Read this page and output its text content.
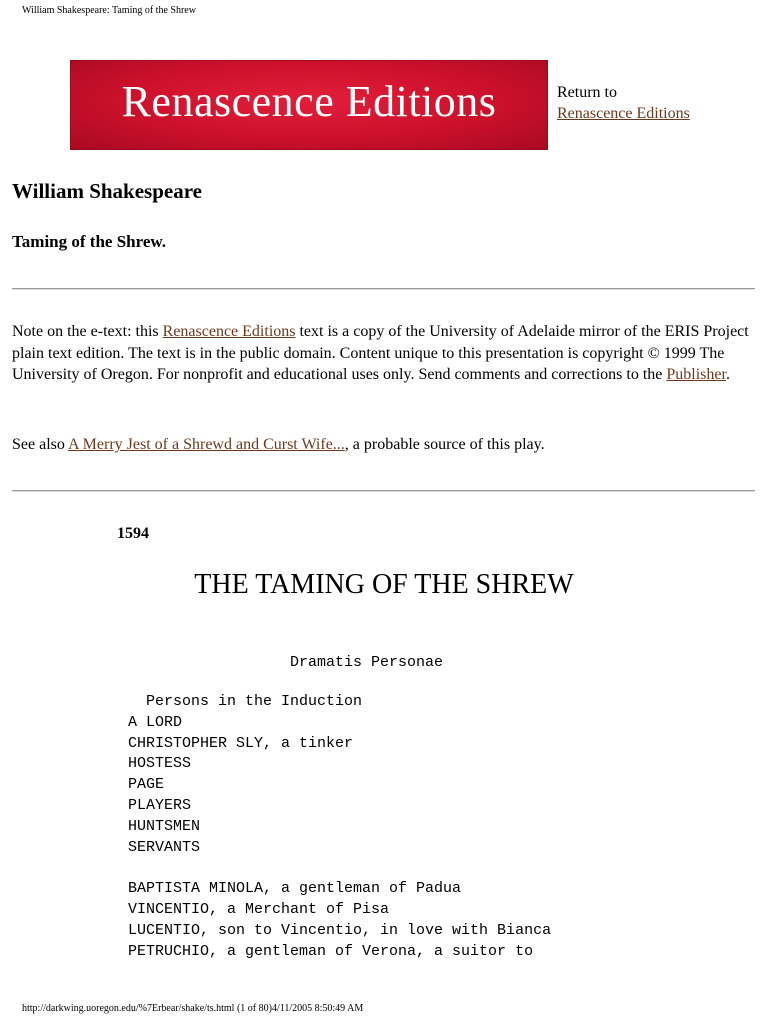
William Shakespeare: Taming of the Shrew
Renascence Editions	Return to
Renascence Editions
William Shakespeare
Taming of the Shrew.

Note on the e-text: this Renascence Editions text is a copy of the University of Adelaide mirror of the ERIS Project plain text edition. The text is in the public domain. Content unique to this presentation is copyright © 1999 The University of Oregon. For nonprofit and educational uses only. Send comments and corrections to the Publisher.

See also A Merry Jest of a Shrewd and Curst Wife..., a probable source of this play.

1594
THE TAMING OF THE SHREW
Dramatis Personae
Persons in the Induction
A LORD
CHRISTOPHER SLY, a tinker
HOSTESS
PAGE
PLAYERS
HUNTSMEN
SERVANTS
BAPTISTA MINOLA, a gentleman of Padua
VINCENTIO, a Merchant of Pisa
LUCENTIO, son to Vincentio, in love with Bianca
PETRUCHIO, a gentleman of Verona, a suitor to
http://darkwing.uoregon.edu/%7Erbear/shake/ts.html (1 of 80)4/11/2005 8:50:49 AM
